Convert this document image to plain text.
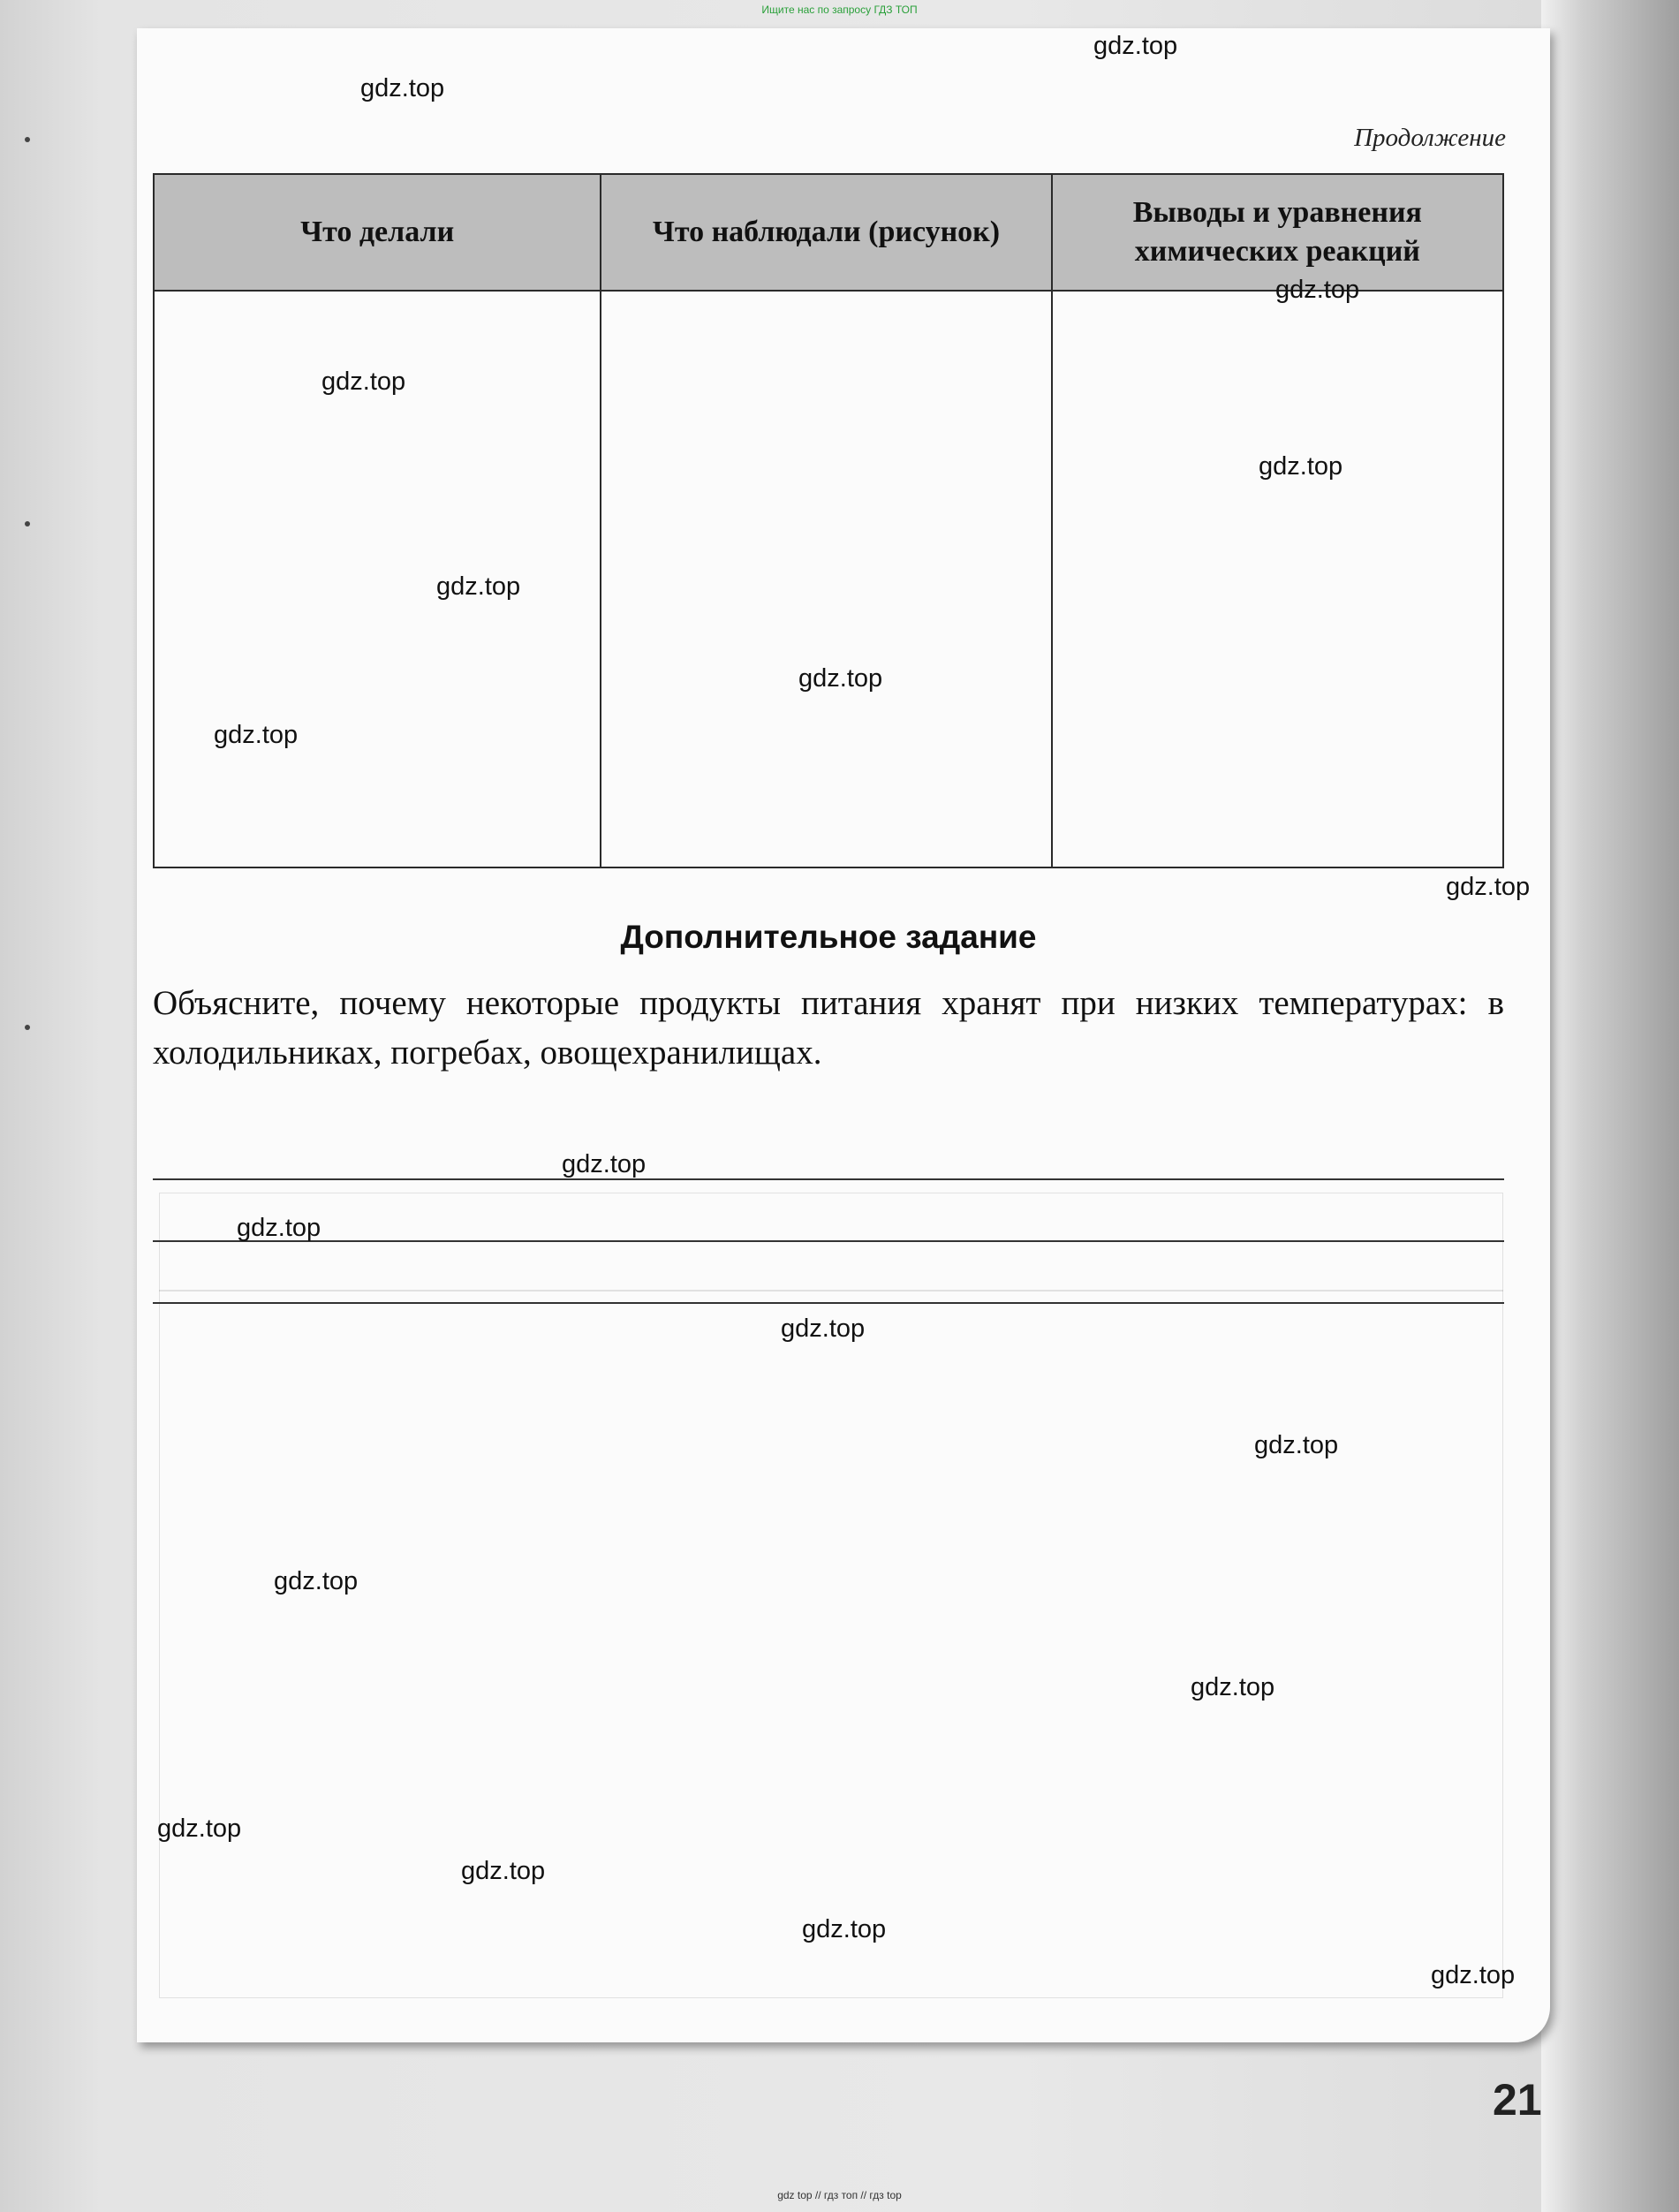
Ищите нас по запросу ГДЗ ТОП
Продолжение
Что делали	Что наблюдали (рисунок)	Выводы и уравнения химических реакций

Дополнительное задание
Объясните, почему некоторые продукты питания хранят при низких температурах: в холодильниках, погребах, овощехранилищах.
gdz.top
gdz.top
gdz.top
gdz.top
gdz.top
gdz.top
gdz.top
gdz.top
gdz.top
gdz.top
gdz.top
gdz.top
gdz.top
gdz.top
gdz.top
gdz.top
gdz.top
gdz.top
gdz.top
21
gdz top // гдз топ // гдз top
